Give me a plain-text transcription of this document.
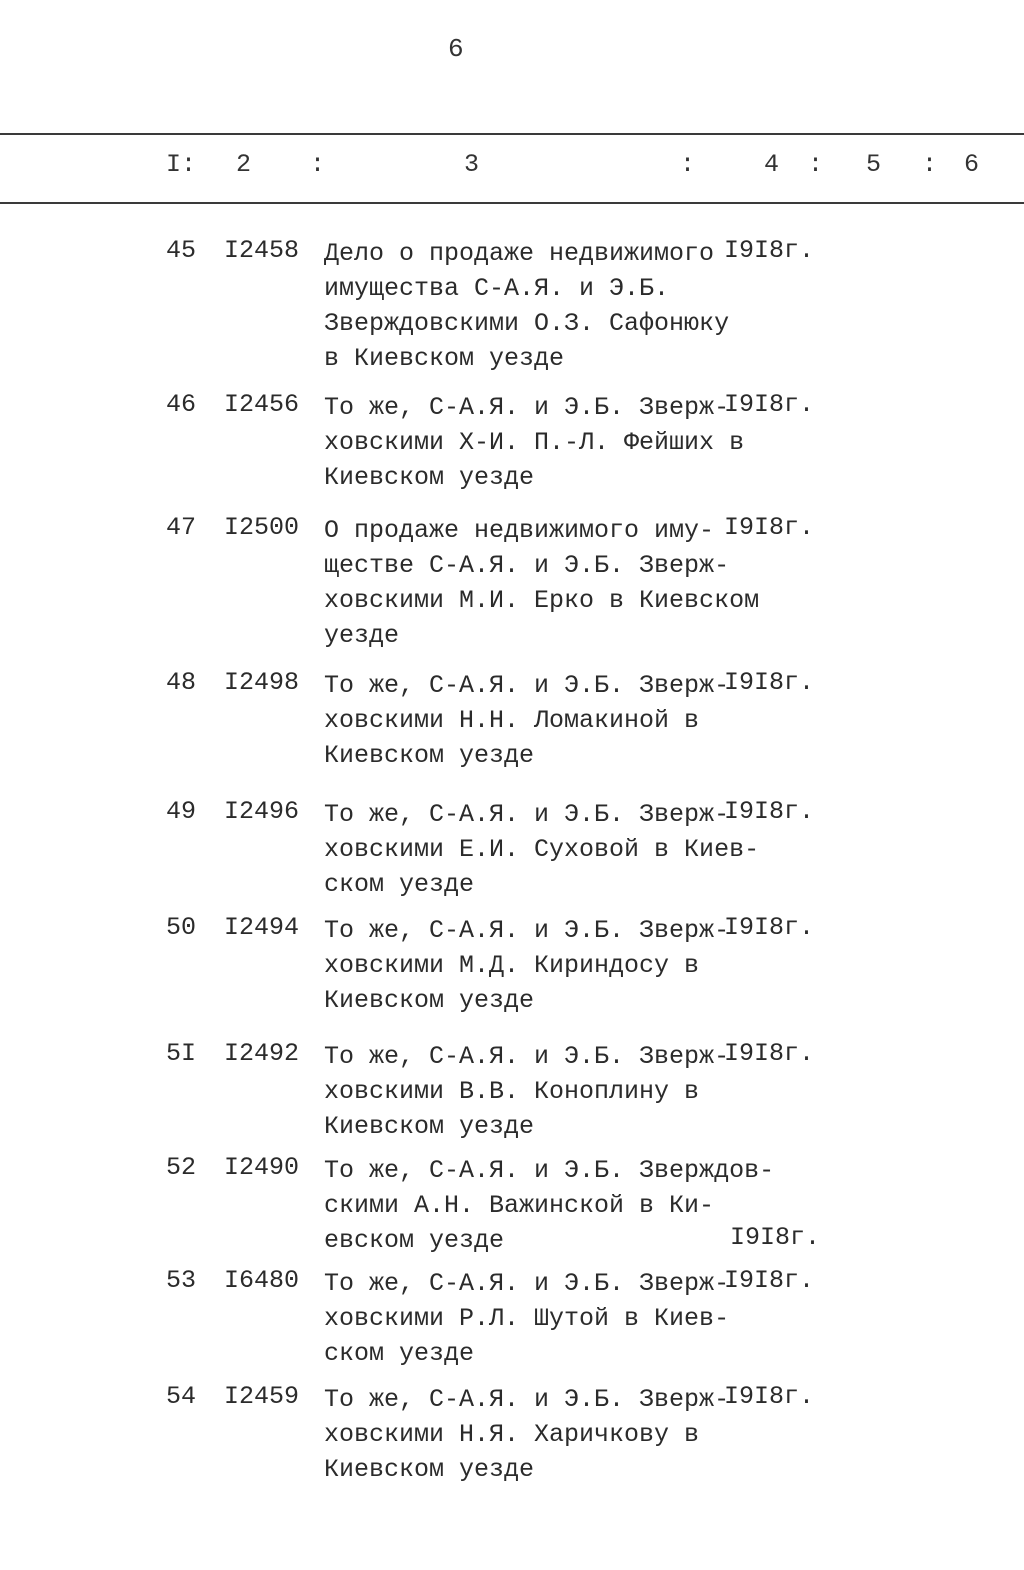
6
I: 2 :	3	:	4 : 5 : 6
45 I2458 Дело о продаже недвижимого
имущества С-А.Я. и Э.Б.
Зверждовскими О.З. Сафонюку
в Киевском уезде
I9I8г.
46 I2456 То же, С-А.Я. и Э.Б. Зверж-
ховскими Х-И. П.-Л. Фейших в
Киевском уезде
I9I8г.
47 I2500 О продаже недвижимого иму-
ществе С-А.Я. и Э.Б. Зверж-
ховскими М.И. Ерко в Киевском
уезде
I9I8г.
48 I2498 То же, С-А.Я. и Э.Б. Зверж-
ховскими Н.Н. Ломакиной в
Киевском уезде
I9I8г.
49 I2496 То же, С-А.Я. и Э.Б. Зверж-
ховскими Е.И. Суховой в Киев-
ском уезде
I9I8г.
50 I2494 То же, С-А.Я. и Э.Б. Зверж-
ховскими М.Д. Кириндосу в
Киевском уезде
I9I8г.
5I I2492 То же, С-А.Я. и Э.Б. Зверж-
ховскими В.В. Коноплину в
Киевском уезде
I9I8г.
52 I2490 То же, С-А.Я. и Э.Б. Зверждов-
скими А.Н. Важинской в Ки-
евском уезде	I9I8г.
53 I6480 То же, С-А.Я. и Э.Б. Зверж-
ховскими Р.Л. Шутой в Киев-
ском уезде
I9I8г.
54 I2459 То же, С-А.Я. и Э.Б. Зверж-
ховскими Н.Я. Харичкову в
Киевском уезде
I9I8г.
